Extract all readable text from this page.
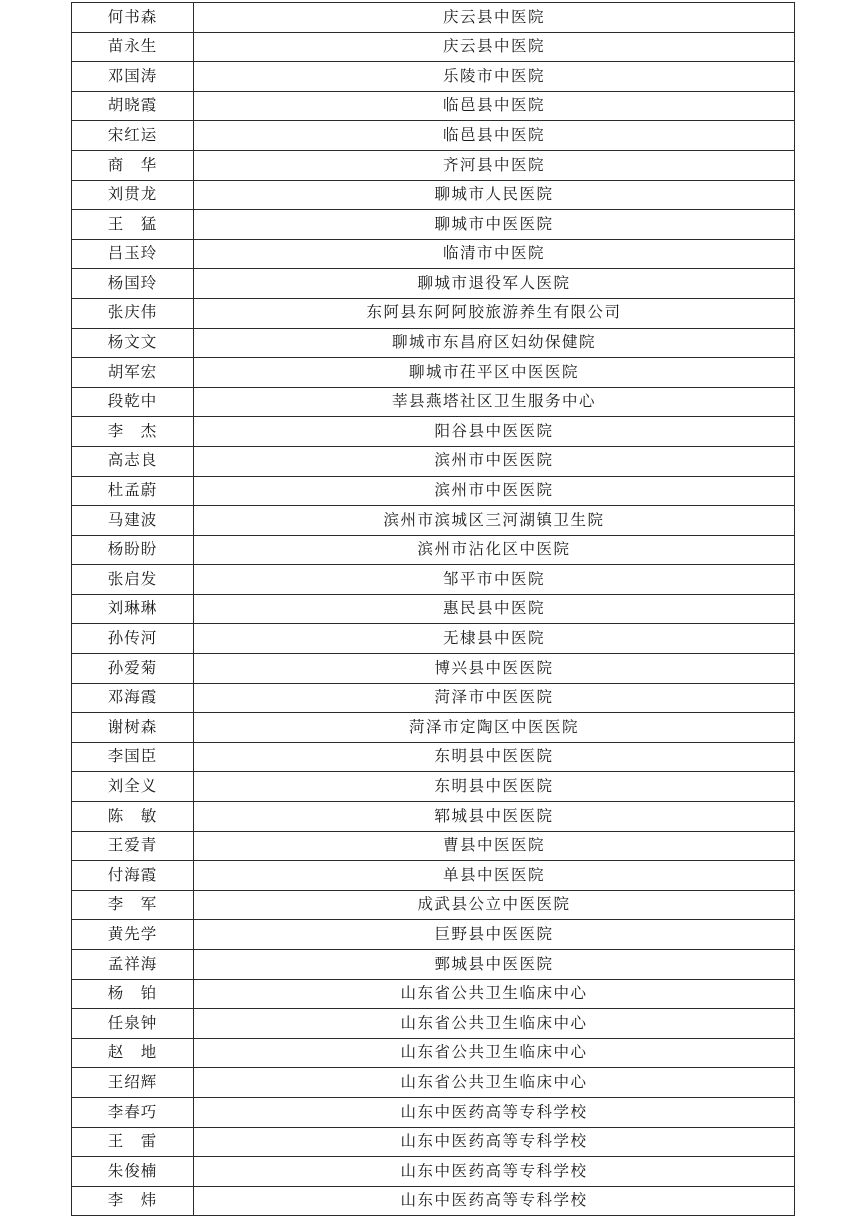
何书森	庆云县中医院
苗永生	庆云县中医院
邓国涛	乐陵市中医院
胡晓霞	临邑县中医院
宋红运	临邑县中医院
商　华	齐河县中医院
刘贯龙	聊城市人民医院
王　猛	聊城市中医医院
吕玉玲	临清市中医院
杨国玲	聊城市退役军人医院
张庆伟	东阿县东阿阿胶旅游养生有限公司
杨文文	聊城市东昌府区妇幼保健院
胡军宏	聊城市茌平区中医医院
段乾中	莘县燕塔社区卫生服务中心
李　杰	阳谷县中医医院
高志良	滨州市中医医院
杜孟蔚	滨州市中医医院
马建波	滨州市滨城区三河湖镇卫生院
杨盼盼	滨州市沾化区中医院
张启发	邹平市中医院
刘琳琳	惠民县中医院
孙传河	无棣县中医院
孙爱菊	博兴县中医医院
邓海霞	菏泽市中医医院
谢树森	菏泽市定陶区中医医院
李国臣	东明县中医医院
刘全义	东明县中医医院
陈　敏	郓城县中医医院
王爱青	曹县中医医院
付海霞	单县中医医院
李　军	成武县公立中医医院
黄先学	巨野县中医医院
孟祥海	鄄城县中医医院
杨　铂	山东省公共卫生临床中心
任泉钟	山东省公共卫生临床中心
赵　地	山东省公共卫生临床中心
王绍辉	山东省公共卫生临床中心
李春巧	山东中医药高等专科学校
王　雷	山东中医药高等专科学校
朱俊楠	山东中医药高等专科学校
李　炜	山东中医药高等专科学校
